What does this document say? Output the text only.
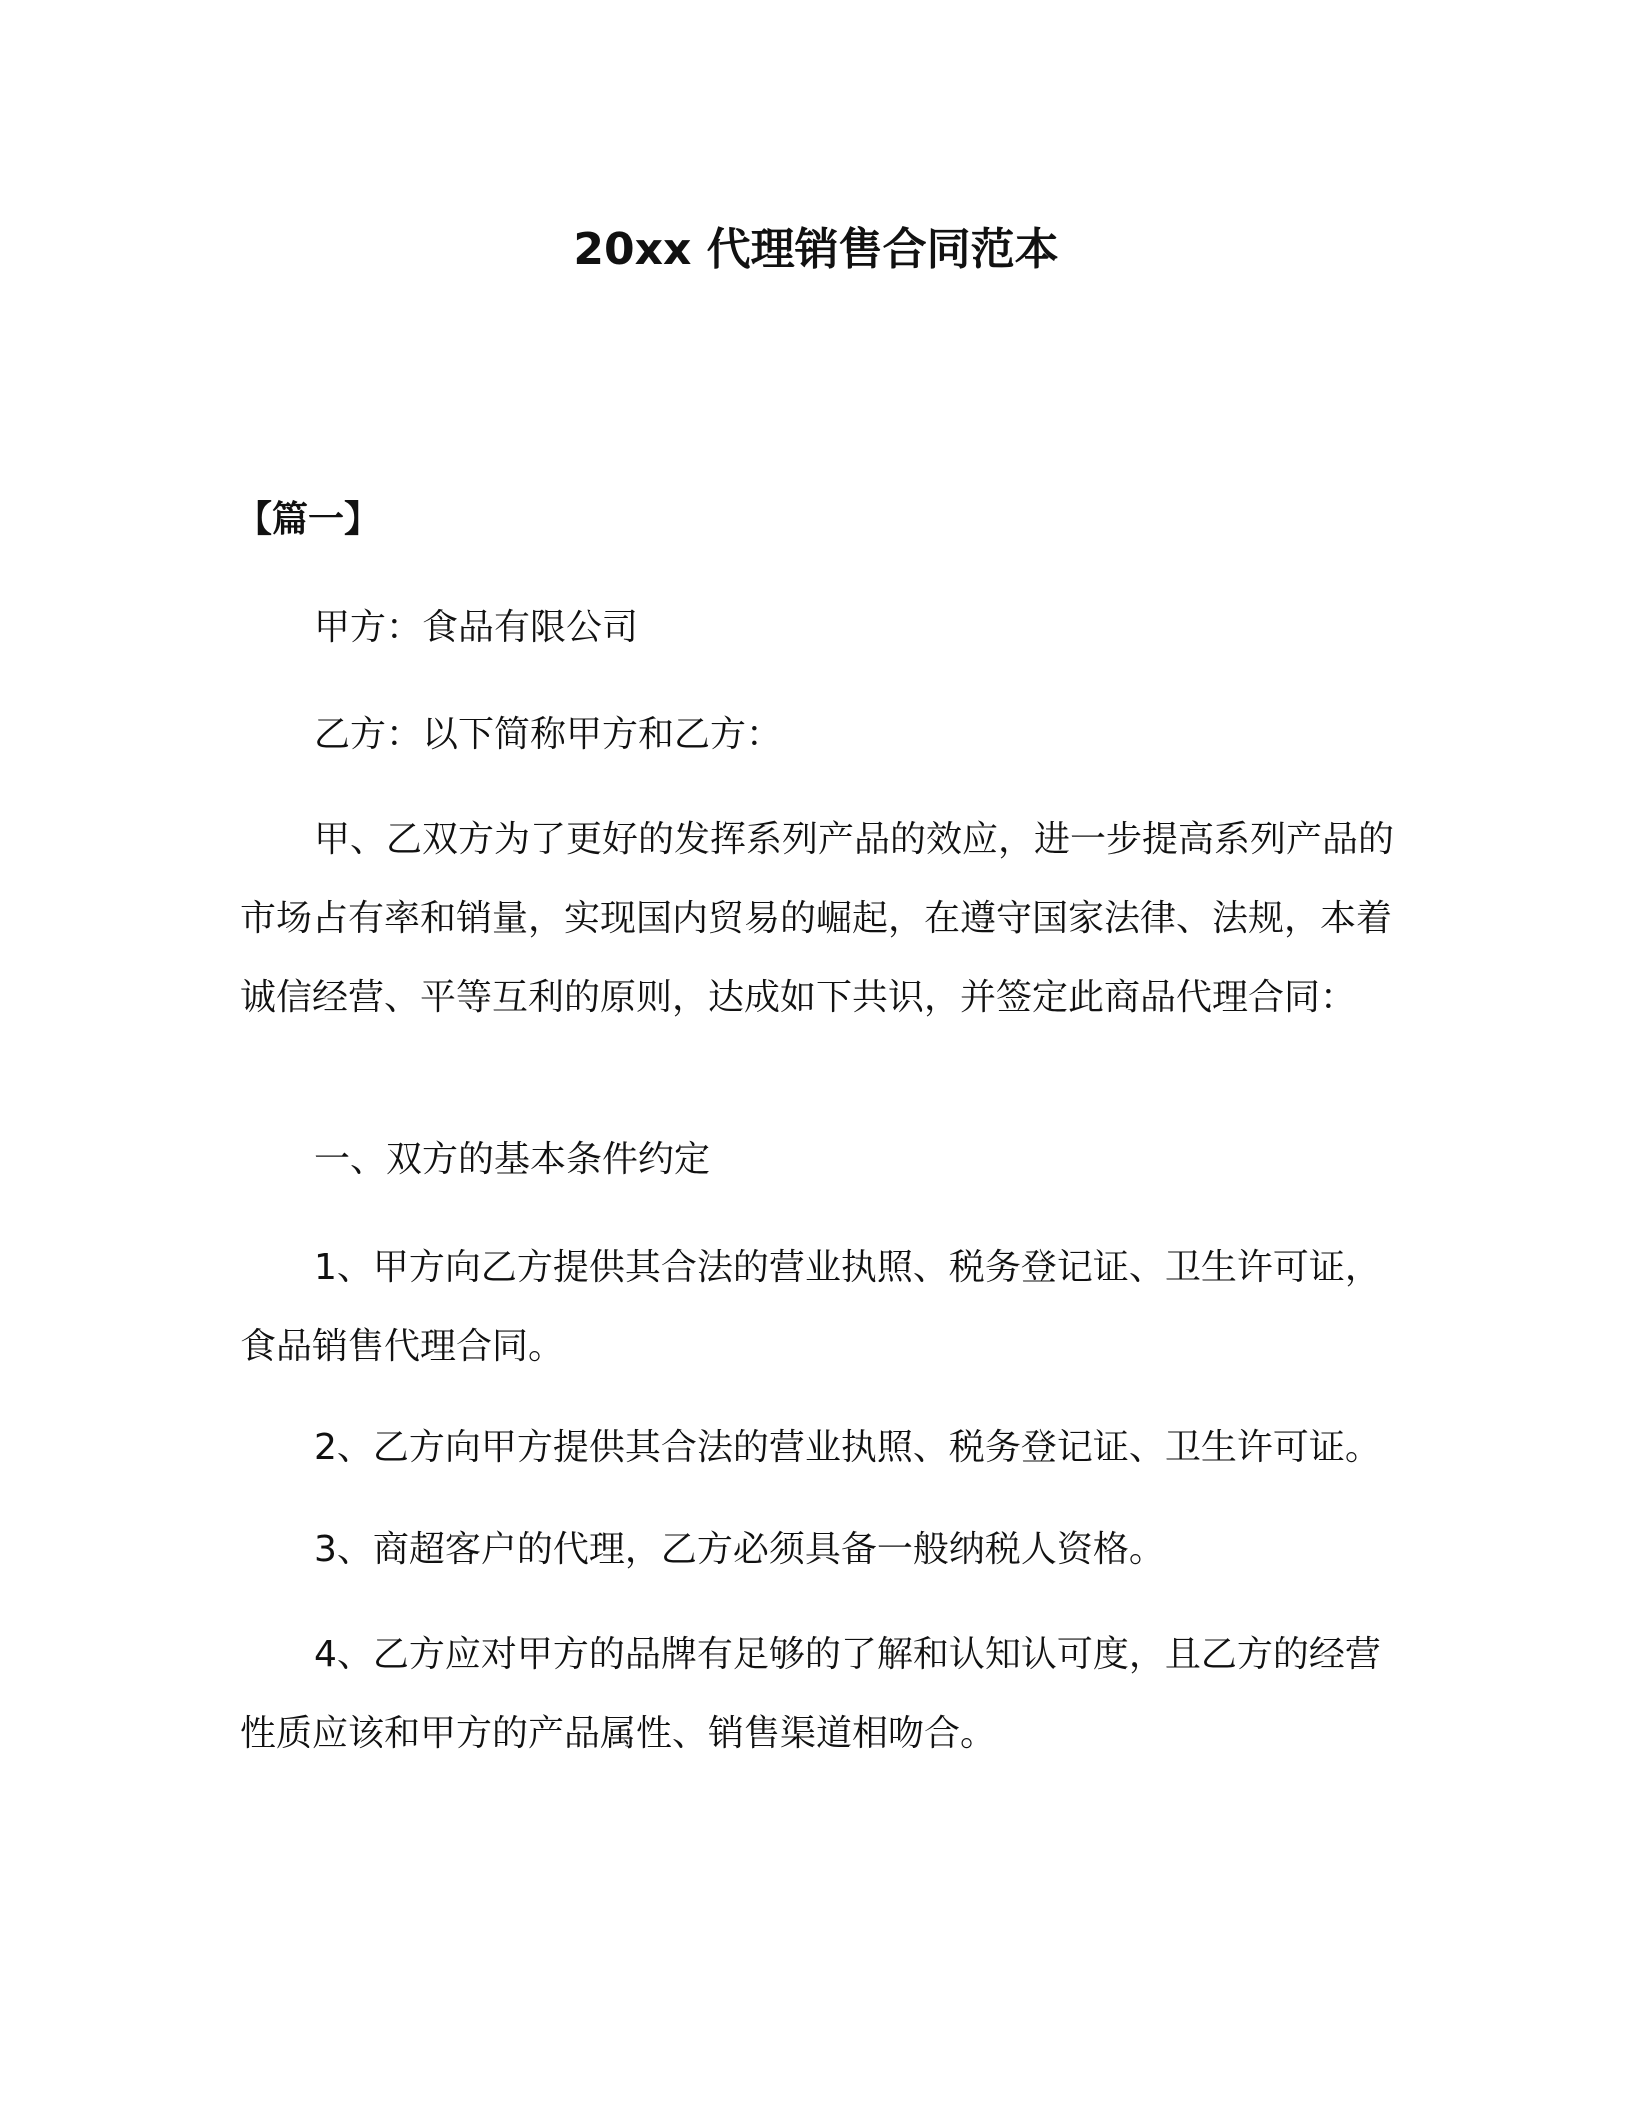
20xx 代理销售合同范本
【篇一】

甲方：食品有限公司

乙方：以下简称甲方和乙方：

甲、乙双方为了更好的发挥系列产品的效应，进一步提高系列产品的市场占有率和销量，实现国内贸易的崛起，在遵守国家法律、法规，本着诚信经营、平等互利的原则，达成如下共识，并签定此商品代理合同：

一、双方的基本条件约定

1、甲方向乙方提供其合法的营业执照、税务登记证、卫生许可证，食品销售代理合同。

2、乙方向甲方提供其合法的营业执照、税务登记证、卫生许可证。

3、商超客户的代理，乙方必须具备一般纳税人资格。

4、乙方应对甲方的品牌有足够的了解和认知认可度，且乙方的经营性质应该和甲方的产品属性、销售渠道相吻合。
